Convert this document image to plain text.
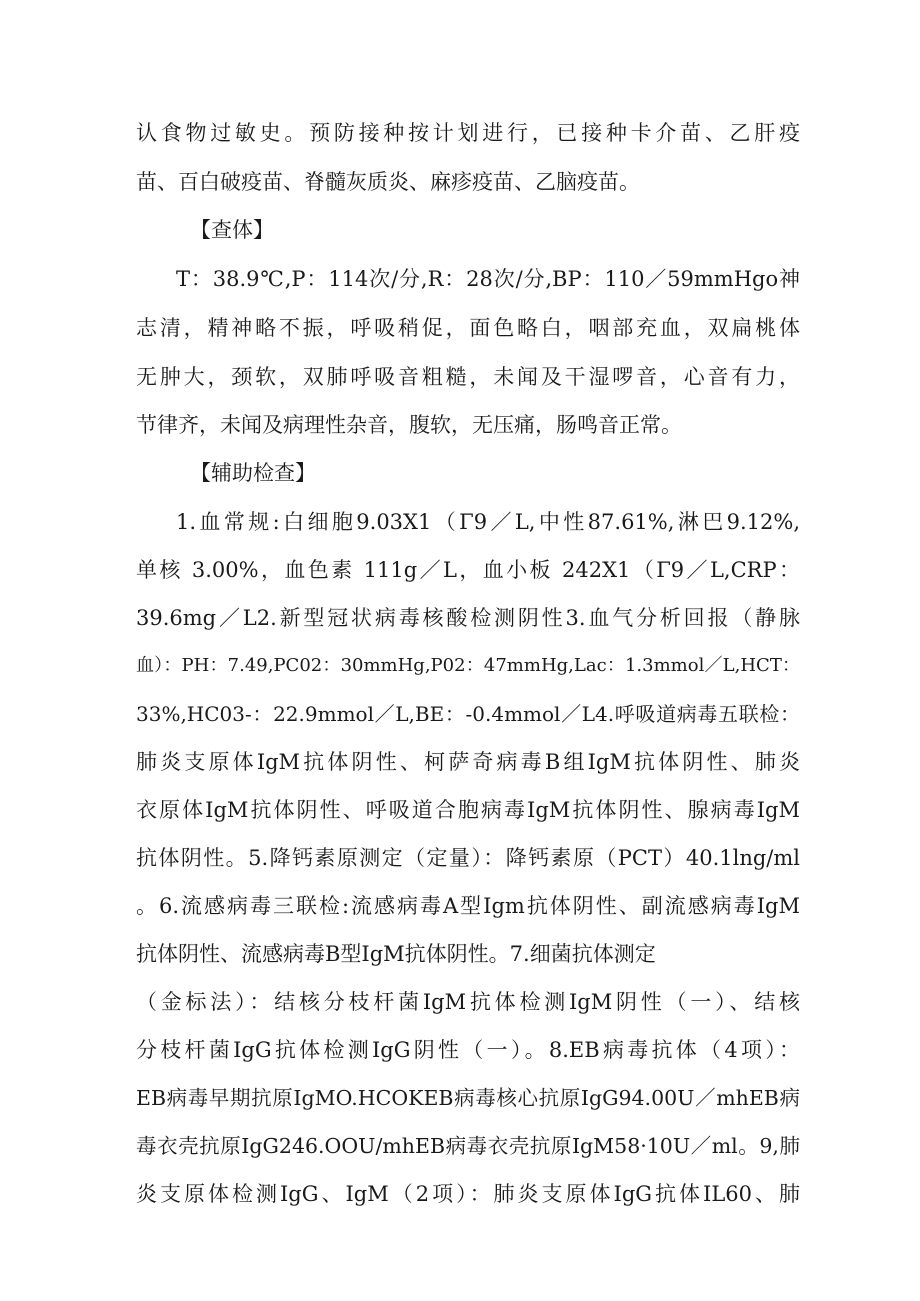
认食物过敏史。预防接种按计划进行，已接种卡介苗、乙肝疫
苗、百白破疫苗、脊髓灰质炎、麻疹疫苗、乙脑疫苗。
【查体】
T：38.9℃,P：114次/分,R：28次/分,BP：110／59mmHgo神
志清，精神略不振，呼吸稍促，面色略白，咽部充血，双扁桃体
无肿大，颈软，双肺呼吸音粗糙，未闻及干湿啰音，心音有力，
节律齐，未闻及病理性杂音，腹软，无压痛，肠鸣音正常。
【辅助检查】
1.血常规:白细胞9.03X1（Γ9／L,中性87.61%,淋巴9.12%,
单核 3.00%，血色素 111g／L，血小板 242X1（Γ9／L,CRP：
39.6mg／L2.新型冠状病毒核酸检测阴性3.血气分析回报（静脉
血）：PH：7.49,PC02：30mmHg,P02：47mmHg,Lac：1.3mmol／L,HCT：
33%,HC03-：22.9mmol／L,BE：-0.4mmol／L4.呼吸道病毒五联检：
肺炎支原体IgM抗体阴性、柯萨奇病毒B组IgM抗体阴性、肺炎
衣原体IgM抗体阴性、呼吸道合胞病毒IgM抗体阴性、腺病毒IgM
抗体阴性。5.降钙素原测定（定量）：降钙素原（PCT）40.1lng/ml
。6.流感病毒三联检:流感病毒A型Igm抗体阴性、副流感病毒IgM
抗体阴性、流感病毒B型IgM抗体阴性。7.细菌抗体测定
（金标法）：结核分枝杆菌IgM抗体检测IgM阴性（一）、结核
分枝杆菌IgG抗体检测IgG阴性（一）。8.EB病毒抗体（4项）：
EB病毒早期抗原IgMO.HCOKEB病毒核心抗原IgG94.00U／mhEB病
毒衣壳抗原IgG246.OOU/mhEB病毒衣壳抗原IgM58·10U／ml。9,肺
炎支原体检测IgG、IgM（2项）：肺炎支原体IgG抗体IL60、肺
